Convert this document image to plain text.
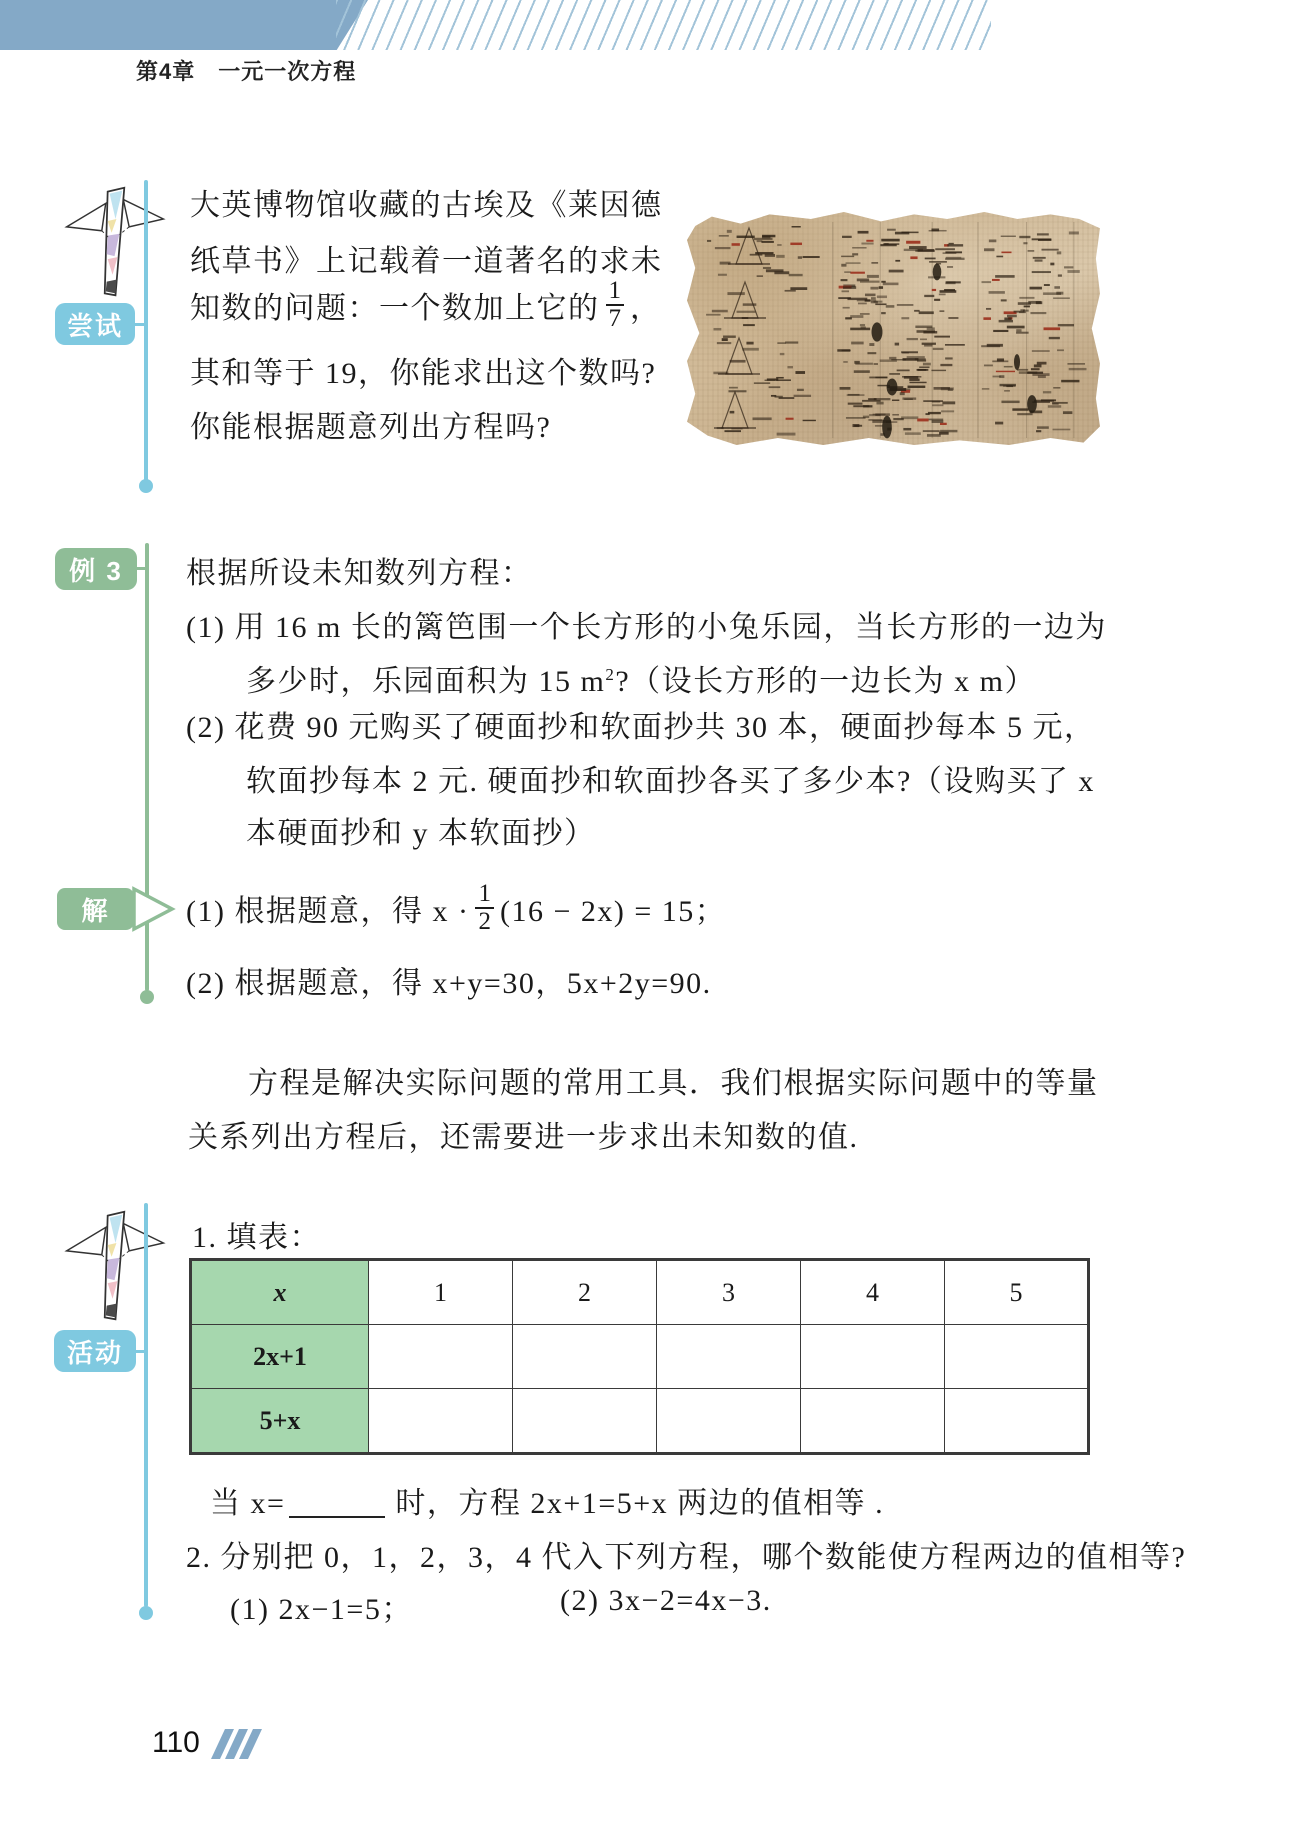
第4章　一元一次方程
尝试
大英博物馆收藏的古埃及《莱因德
纸草书》上记载着一道著名的求未
知数的问题：一个数加上它的 $\frac{1}{7}$ ，
其和等于 19，你能求出这个数吗?
你能根据题意列出方程吗?
例 3	根据所设未知数列方程：
(1) 用 16 m 长的篱笆围一个长方形的小兔乐园，当长方形的一边为
多少时，乐园面积为 15 $m^2$?（设长方形的一边长为 x m）
(2) 花费 90 元购买了硬面抄和软面抄共 30 本，硬面抄每本 5 元，
软面抄每本 2 元. 硬面抄和软面抄各买了多少本?（设购买了 x
本硬面抄和 y 本软面抄）
解	(1) 根据题意，得 $x \cdot \frac{1}{2} (16 - 2x) = 15$；
(2) 根据题意，得 x+y=30，5x+2y=90.
方程是解决实际问题的常用工具．我们根据实际问题中的等量
关系列出方程后，还需要进一步求出未知数的值.
活动
1. 填表：
x	1	2	3	4	5
2x+1					
5+x					
当 x=	时，方程 2x+1=5+x 两边的值相等 .
2. 分别把 0，1，2，3，4 代入下列方程，哪个数能使方程两边的值相等?
(1) 2x−1=5；	(2) 3x−2=4x−3.
110
